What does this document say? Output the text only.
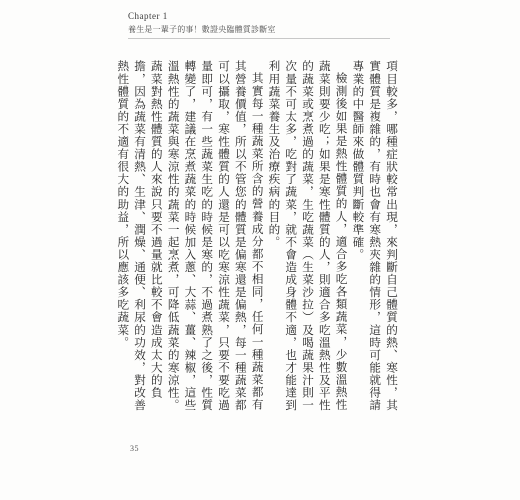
Chapter 1
養生是一輩子的事！數證央臨體質診斷室

項目較多，哪種症狀較常出現，來判斷自己體質的熱、寒性，其實體質是複雜的，有時也會有寒熱夾雜的情形，這時可能就得請專業的中醫師來做體質判斷較準確。

檢測後如果是熱性體質的人，適合多吃各類蔬菜，少數溫熱性蔬菜則要少吃；如果是寒性體質的人，則適合多吃溫熱性及平性的蔬菜或烹煮過的蔬菜，生吃蔬菜（生菜沙拉）及喝蔬果汁則一次量不可太多，吃對了蔬菜，就不會造成身體不適，也才能達到利用蔬菜養生及治療疾病的目的。

其實每一種蔬菜所含的營養成分都不相同，任何一種蔬菜都有其營養價值，所以不管您的體質是偏寒還是偏熱，每一種蔬菜都可以攝取，寒性體質的人還是可以吃寒涼性蔬菜，只要不要吃過量即可，有一些蔬菜生吃的時候是寒的，不過煮熟了之後，性質轉變了，建議在烹煮蔬菜的時候加入蔥、大蒜、薑、辣椒，這些溫熱性的蔬菜與寒涼性的蔬菜一起烹煮，可降低蔬菜的寒涼性。蔬菜對熱性體質的人來說只要不過量就比較不會造成太大的負擔，因為蔬菜有清熱、生津、潤燥、通便、利尿的功效，對改善熱性體質的不適有很大的助益，所以應該多吃蔬菜。

35
